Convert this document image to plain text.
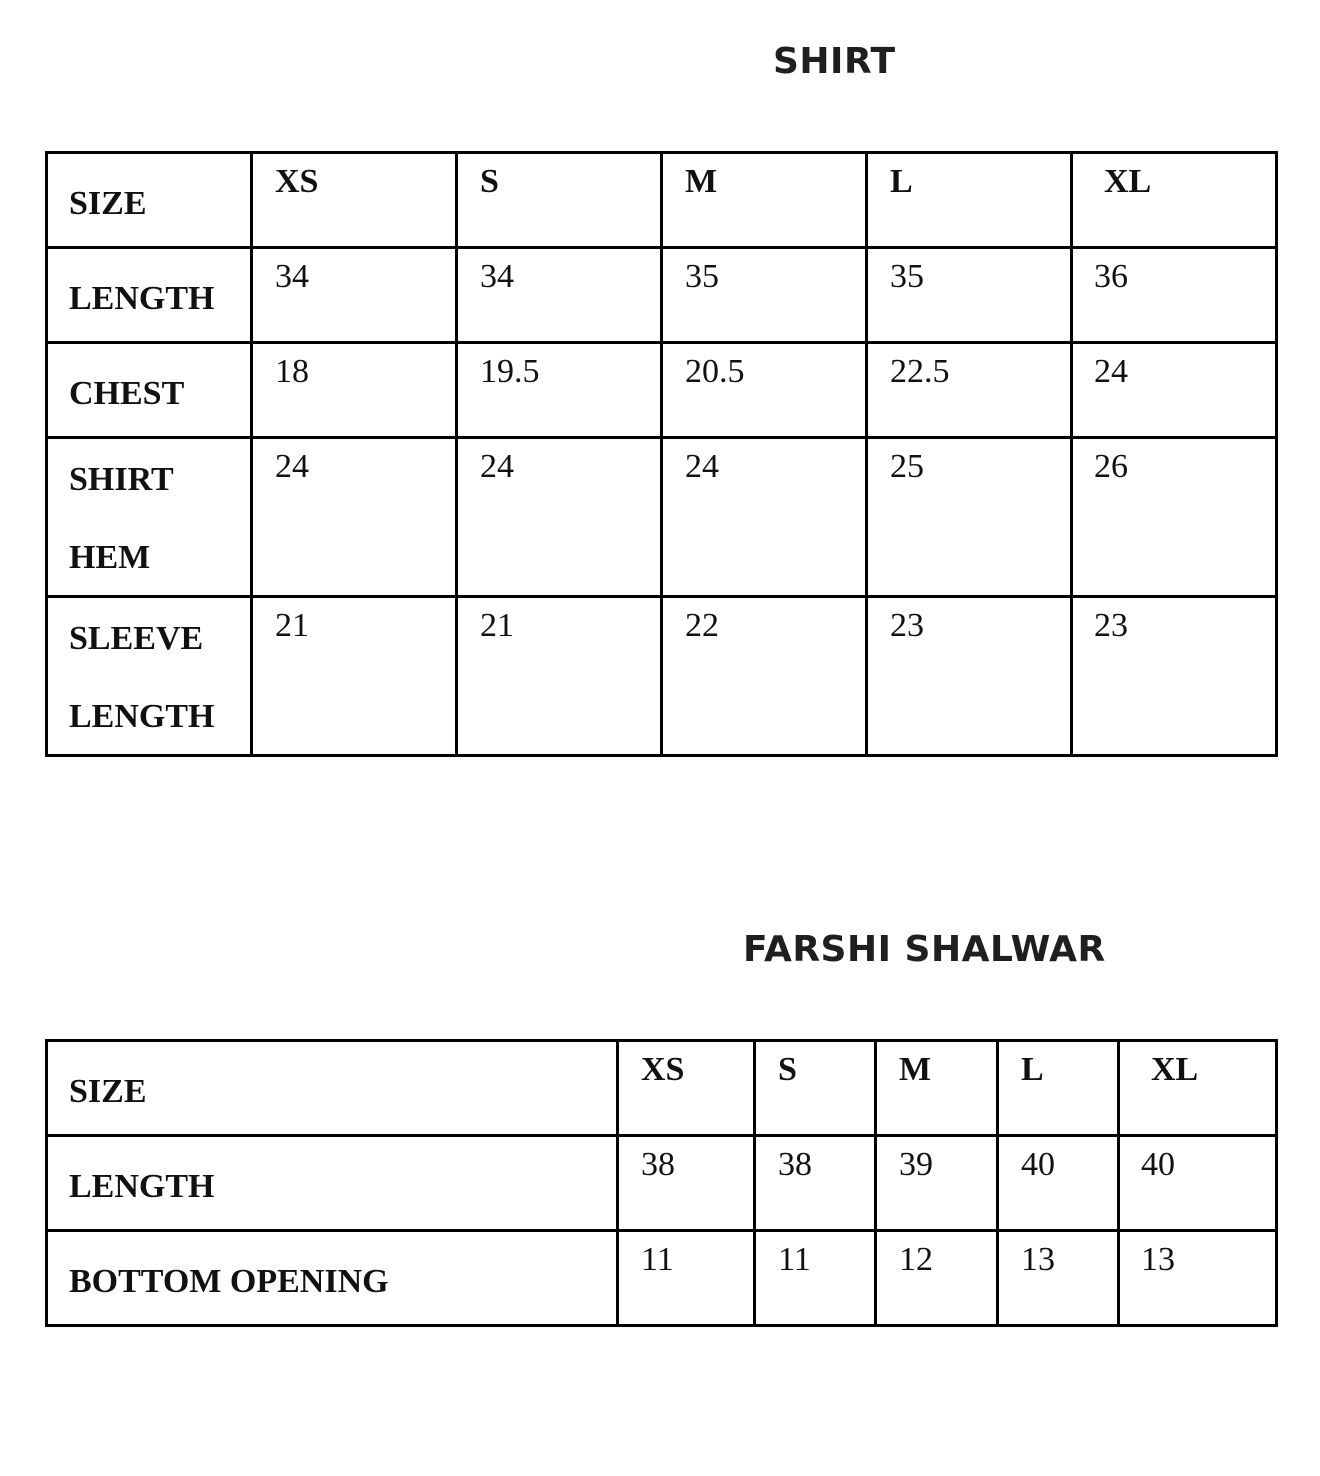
SHIRT
SIZE	XS	S	M	L	XL

LENGTH	34	34	35	35	36

CHEST	18	19.5	20.5	22.5	24

SHIRT
HEM	24	24	24	25	26

SLEEVE
LENGTH	21	21	22	23	23
FARSHI SHALWAR
SIZE	XS	S	M	L	XL

LENGTH	38	38	39	40	40

BOTTOM OPENING	11	11	12	13	13
